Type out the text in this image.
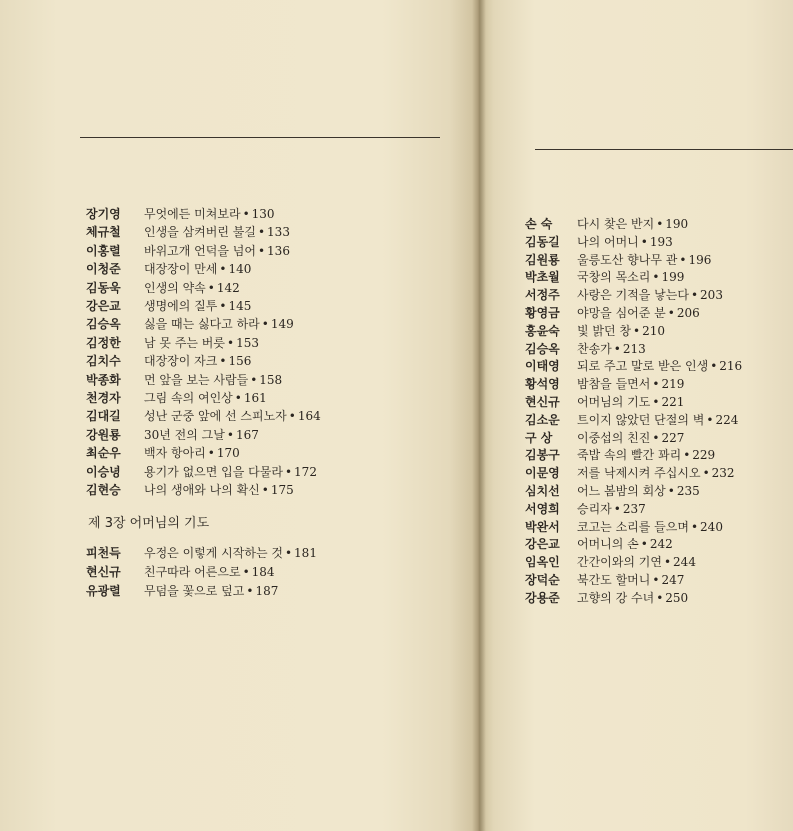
장기영 무엇에든 미쳐보라 • 130
체규철 인생을 삼켜버린 불길 • 133
이홍렬 바위고개 언덕을 넘어 • 136
이청준 대장장이 만세 • 140
김동욱 인생의 약속 • 142
강은교 생명에의 질투 • 145
김승옥 싫을 때는 싫다고 하라 • 149
김정한 남 못 주는 버릇 • 153
김치수 대장장이 자크 • 156
박종화 먼 앞을 보는 사람들 • 158
천경자 그림 속의 여인상 • 161
김대길 성난 군중 앞에 선 스피노자 • 164
강원룡 30년 전의 그날 • 167
최순우 백자 항아리 • 170
이승녕 용기가 없으면 입을 다물라 • 172
김현승 나의 생애와 나의 확신 • 175
제 3장 어머님의 기도
피천득 우정은 이렇게 시작하는 것 • 181
현신규 친구따라 어른으로 • 184
유광렬 무덤을 꽃으로 덮고 • 187
손 숙 다시 찾은 반지 • 190
김동길 나의 어머니 • 193
김원룡 울릉도산 향나무 관 • 196
박초월 국창의 목소리 • 199
서정주 사랑은 기적을 낳는다 • 203
황영금 야망을 심어준 분 • 206
홍윤숙 빛 밝던 창 • 210
김승옥 찬송가 • 213
이태영 되로 주고 말로 받은 인생 • 216
황석영 밤참을 들면서 • 219
현신규 어머님의 기도 • 221
김소운 트이지 않았던 단절의 벽 • 224
구 상 이중섭의 친진 • 227
김봉구 죽밥 속의 빨간 꽈리 • 229
이문영 저를 낙제시켜 주십시오 • 232
심치선 어느 봄밤의 회상 • 235
서영희 승리자 • 237
박완서 코고는 소리를 들으며 • 240
강은교 어머니의 손 • 242
임옥인 간간이와의 기연 • 244
장덕순 북간도 할머니 • 247
강용준 고향의 강 수녀 • 250
